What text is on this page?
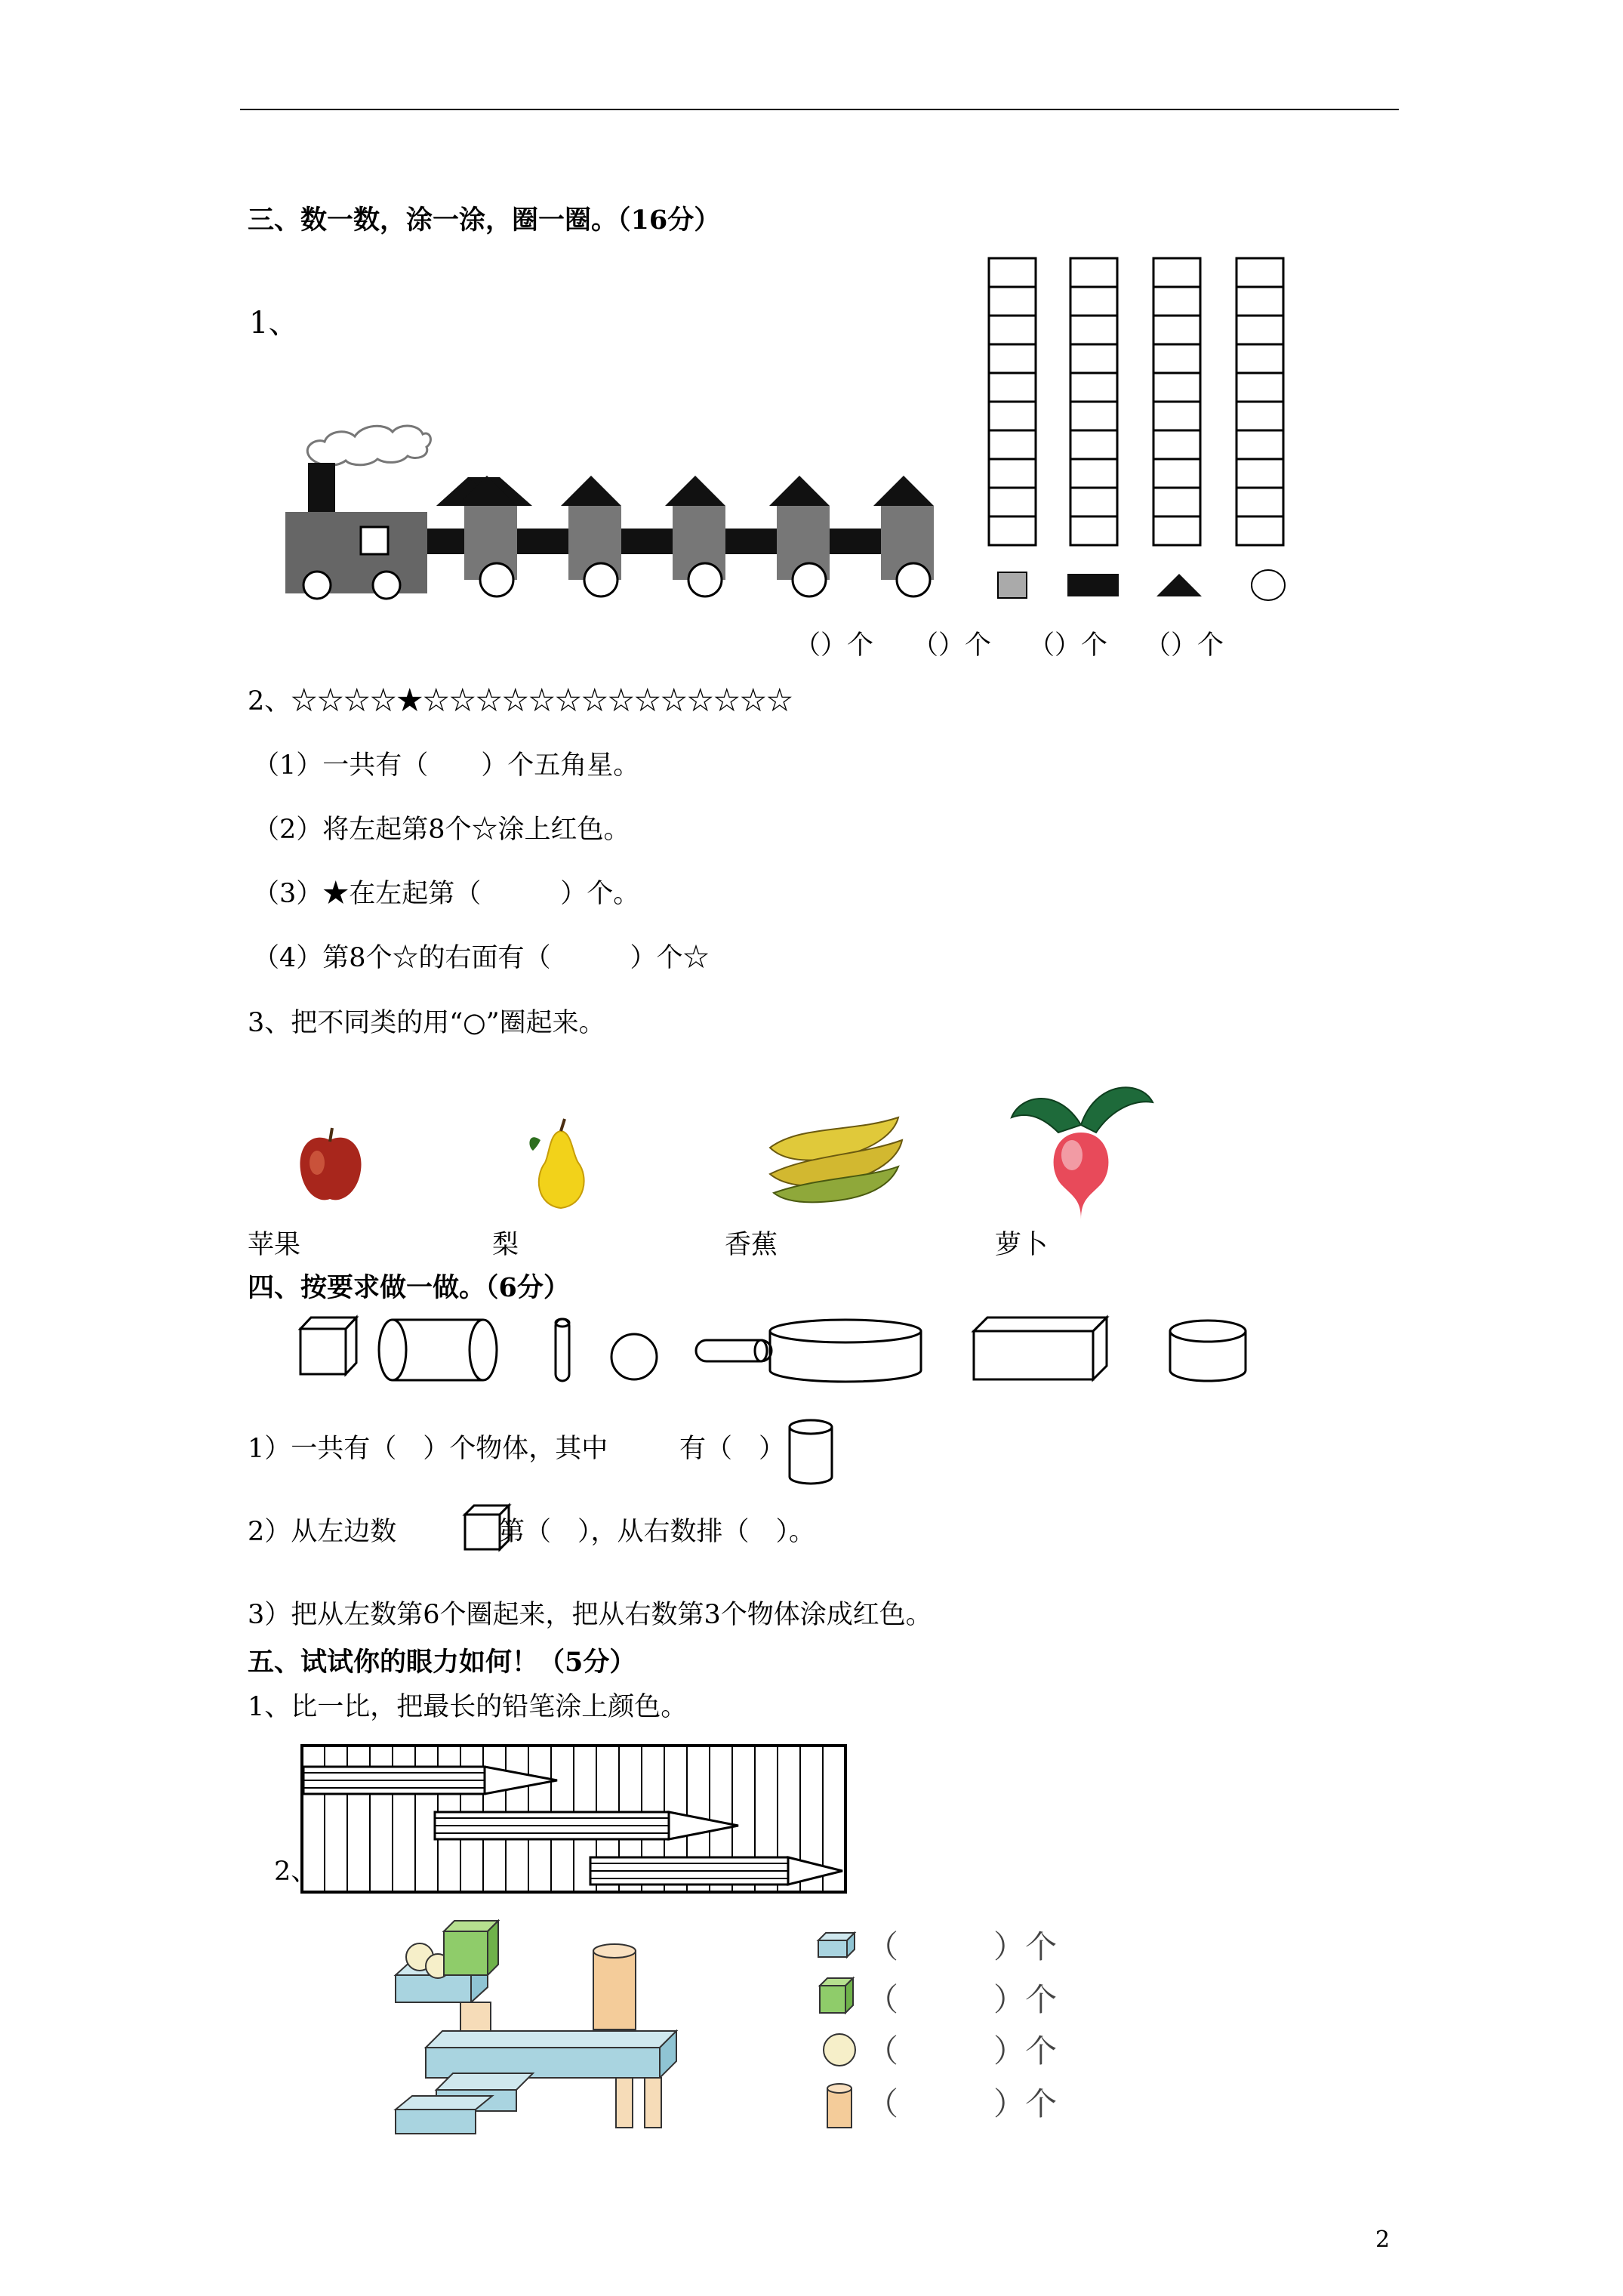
三、数一数，涂一涂，圈一圈。（16分）
1、
（）个 （）个 （）个 （）个
2、☆☆☆☆★☆☆☆☆☆☆☆☆☆☆☆☆☆☆
（1）一共有（　　）个五角星。
（2）将左起第8个☆涂上红色。
（3）★在左起第（　　　）个。
（4）第8个☆的右面有（　　　）个☆
3、把不同类的用“○”圈起来。
苹果	梨	香蕉	萝卜
四、按要求做一做。（6分）
1）一共有（　）个物体，其中	有（　）
2）从左边数	第（　），从右数排（　）。
3）把从左数第6个圈起来，把从右数第3个物体涂成红色。
五、试试你的眼力如何！（5分）
1、比一比，把最长的铅笔涂上颜色。
2、
（　　　）个
（　　　）个
（　　　）个
（　　　）个
2
